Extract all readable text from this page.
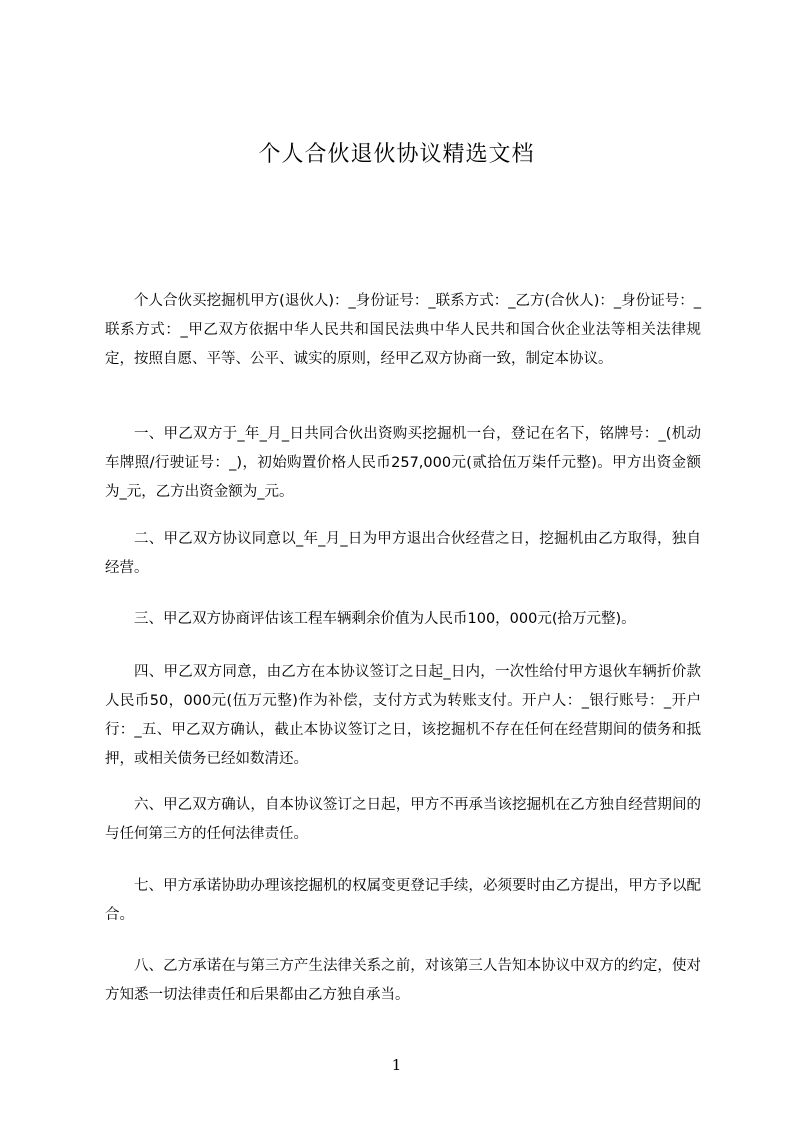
个人合伙退伙协议精选文档

个人合伙买挖掘机甲方(退伙人)：_身份证号：_联系方式：_乙方(合伙人)：_身份证号：_联系方式：_甲乙双方依据中华人民共和国民法典中华人民共和国合伙企业法等相关法律规定，按照自愿、平等、公平、诚实的原则，经甲乙双方协商一致，制定本协议。

一、甲乙双方于_年_月_日共同合伙出资购买挖掘机一台，登记在名下，铭牌号：_(机动车牌照/行驶证号：_)，初始购置价格人民币257,000元(贰拾伍万柒仟元整)。甲方出资金额为_元，乙方出资金额为_元。

二、甲乙双方协议同意以_年_月_日为甲方退出合伙经营之日，挖掘机由乙方取得，独自经营。

三、甲乙双方协商评估该工程车辆剩余价值为人民币100，000元(拾万元整)。

四、甲乙双方同意，由乙方在本协议签订之日起_日内，一次性给付甲方退伙车辆折价款人民币50，000元(伍万元整)作为补偿，支付方式为转账支付。开户人：_银行账号：_开户行：_五、甲乙双方确认，截止本协议签订之日，该挖掘机不存在任何在经营期间的债务和抵押，或相关债务已经如数清还。

六、甲乙双方确认，自本协议签订之日起，甲方不再承当该挖掘机在乙方独自经营期间的与任何第三方的任何法律责任。

七、甲方承诺协助办理该挖掘机的权属变更登记手续，必须要时由乙方提出，甲方予以配合。

八、乙方承诺在与第三方产生法律关系之前，对该第三人告知本协议中双方的约定，使对方知悉一切法律责任和后果都由乙方独自承当。

1
